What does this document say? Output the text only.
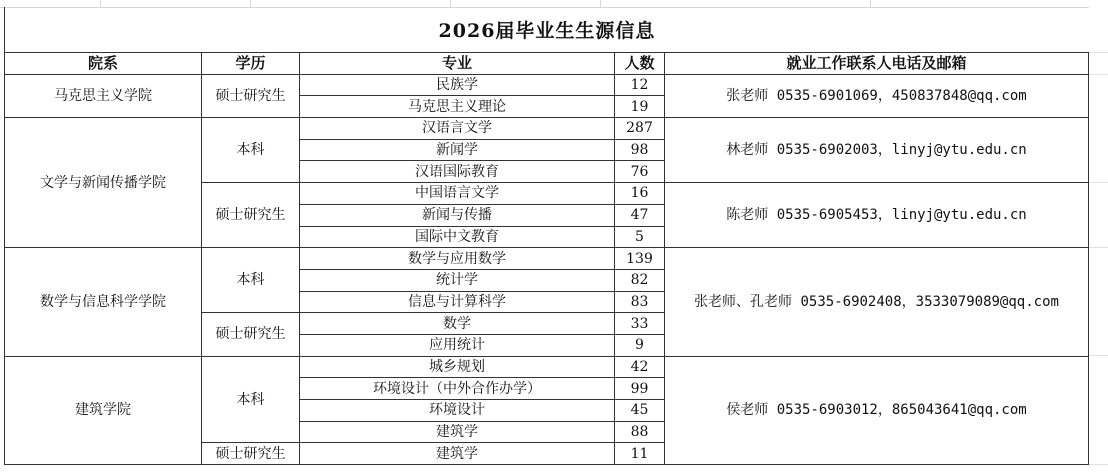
2026届毕业生生源信息
院系	学历	专业	人数	就业工作联系人电话及邮箱
马克思主义学院	硕士研究生	民族学	12	张老师 0535-6901069，450837848@qq.com
		马克思主义理论	19	
文学与新闻传播学院	本科	汉语言文学	287	林老师 0535-6902003，linyj@ytu.edu.cn
		新闻学	98	
		汉语国际教育	76	
	硕士研究生	中国语言文学	16	陈老师 0535-6905453，linyj@ytu.edu.cn
		新闻与传播	47	
		国际中文教育	5	
数学与信息科学学院	本科	数学与应用数学	139	张老师、孔老师 0535-6902408，3533079089@qq.com
		统计学	82	
		信息与计算科学	83	
	硕士研究生	数学	33	
		应用统计	9	
建筑学院	本科	城乡规划	42	侯老师 0535-6903012，865043641@qq.com
		环境设计（中外合作办学）	99	
		环境设计	45	
		建筑学	88	
	硕士研究生	建筑学	11	
